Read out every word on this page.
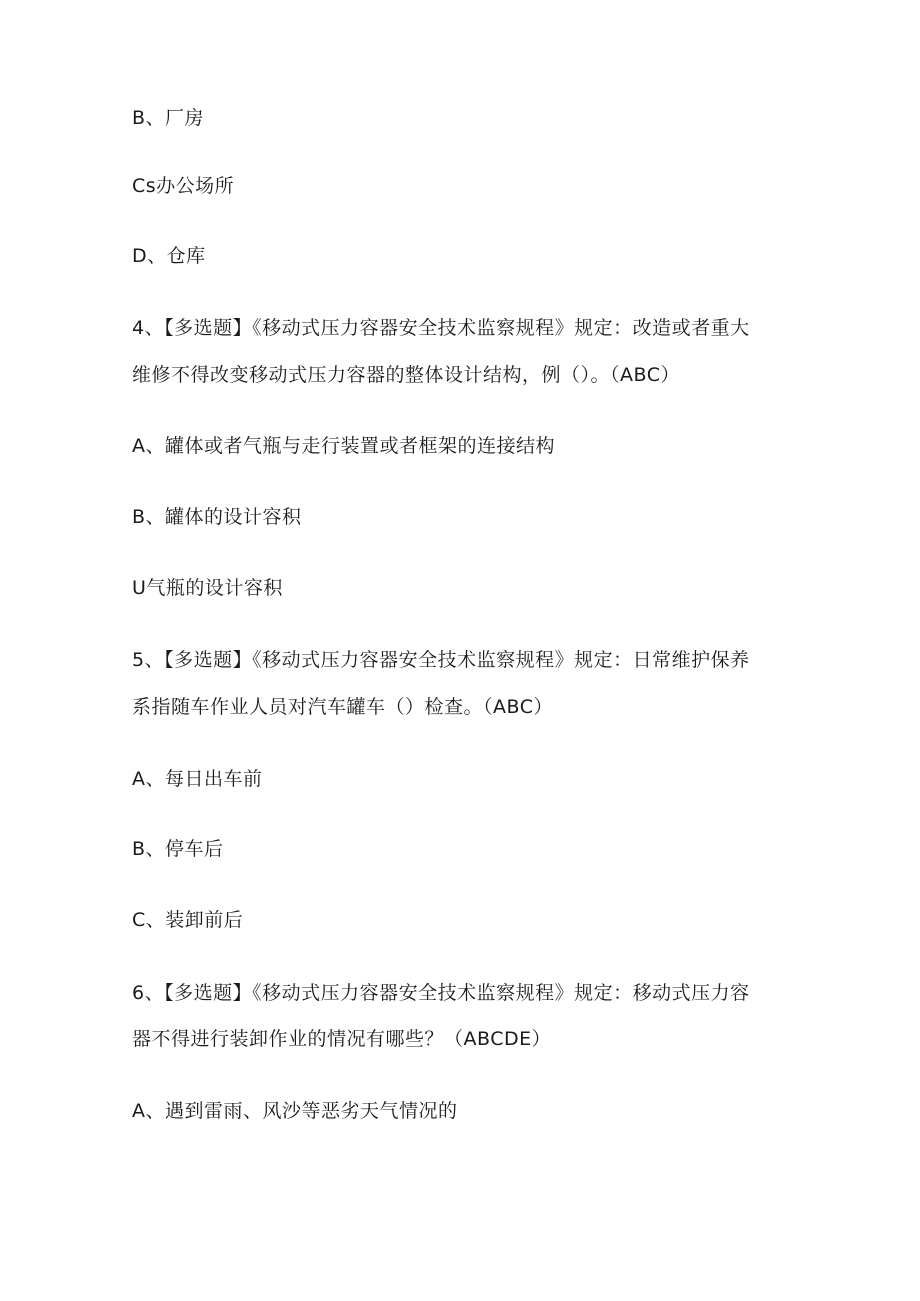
B、厂房
Cs办公场所
D、仓库
4、【多选题】《移动式压力容器安全技术监察规程》规定：改造或者重大
维修不得改变移动式压力容器的整体设计结构，例（）。（ABC）
A、罐体或者气瓶与走行装置或者框架的连接结构
B、罐体的设计容积
U气瓶的设计容积
5、【多选题】《移动式压力容器安全技术监察规程》规定：日常维护保养
系指随车作业人员对汽车罐车（）检查。（ABC）
A、每日出车前
B、停车后
C、装卸前后
6、【多选题】《移动式压力容器安全技术监察规程》规定：移动式压力容
器不得进行装卸作业的情况有哪些？（ABCDE）
A、遇到雷雨、风沙等恶劣天气情况的
